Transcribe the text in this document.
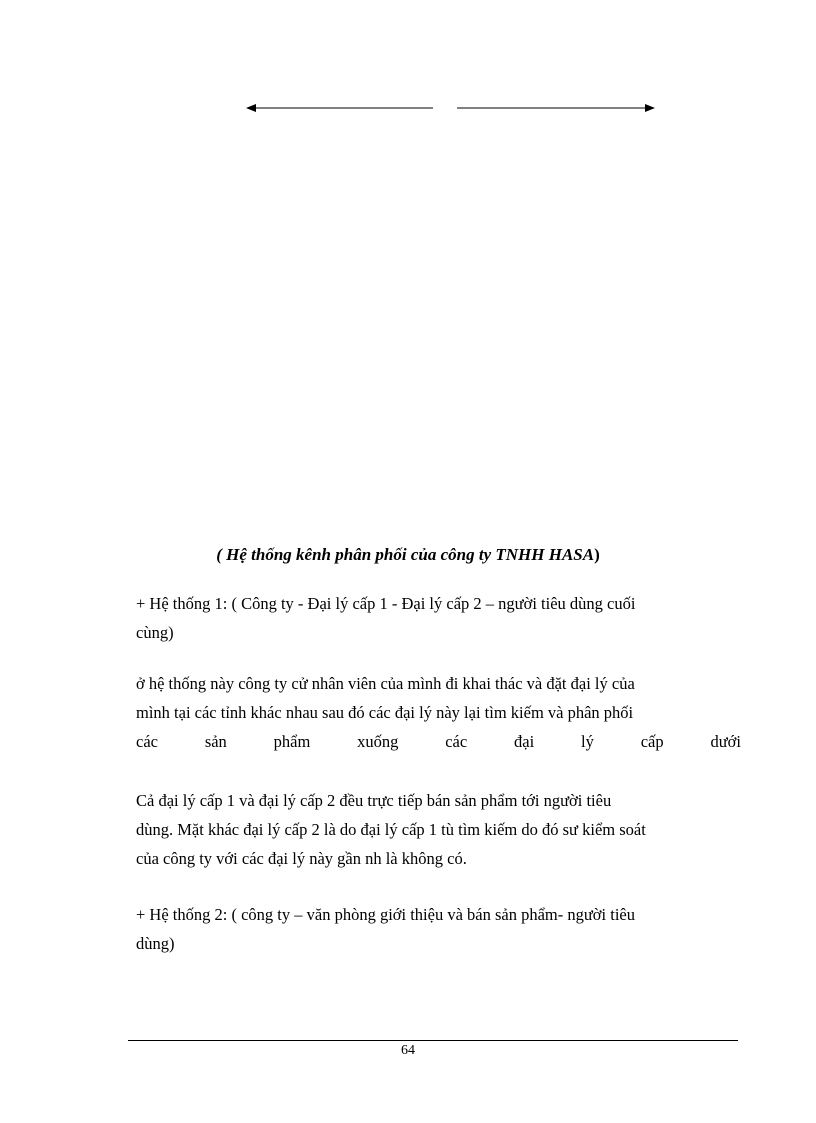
( Hệ thống kênh phân phối của công ty TNHH HASA)
+ Hệ thống 1: ( Công ty - Đại lý cấp 1 - Đại lý cấp 2 – người tiêu dùng cuối
cùng)
ở hệ thống này công ty cử nhân viên của mình đi khai thác và đặt đại lý của
mình tại các tỉnh khác nhau sau đó các đại lý này lại tìm kiếm và phân phối
các	sản	phẩm	xuống	các	đại	lý	cấp	dưới
Cả đại lý cấp 1 và đại lý cấp 2 đều trực tiếp bán sản phẩm tới người tiêu
dùng. Mặt khác đại lý cấp 2 là do đại lý cấp 1 tù tìm kiếm do đó sư kiểm soát
của công ty với các đại lý này gần nh là không có.
+ Hệ thống 2: ( công ty – văn phòng giới thiệu và bán sản phẩm- người tiêu
dùng)
64
